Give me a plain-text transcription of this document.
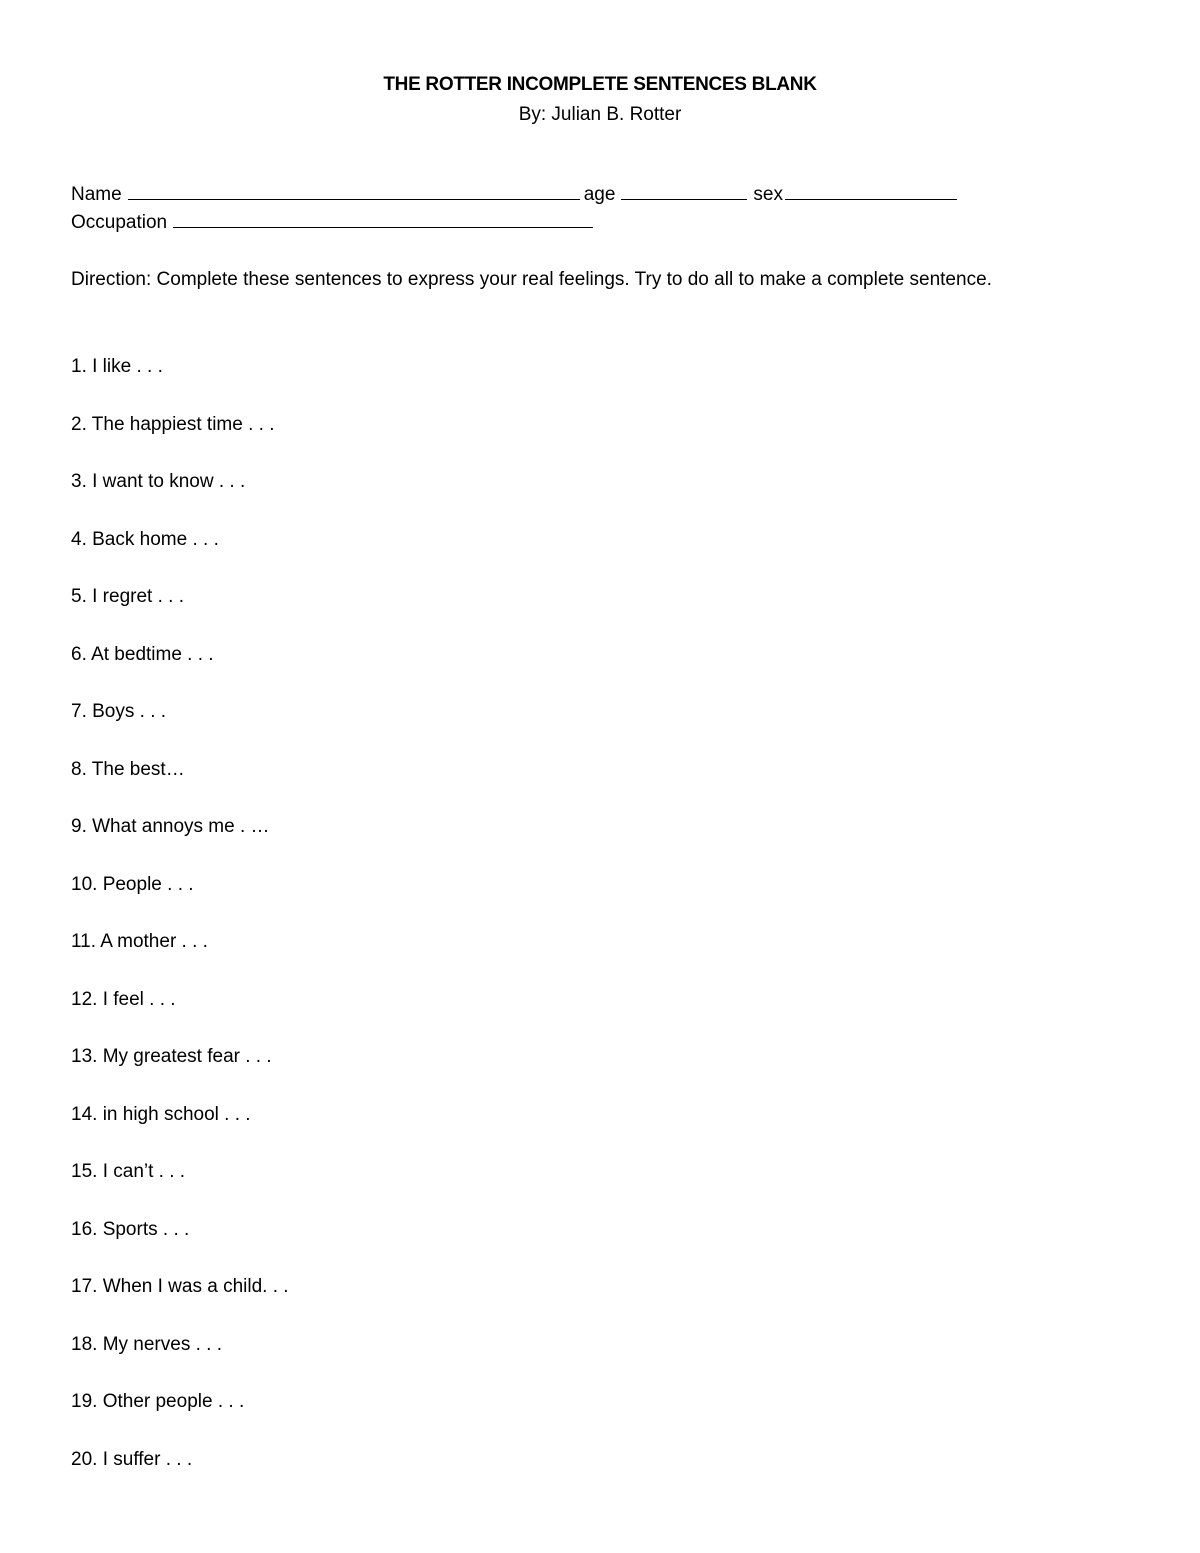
THE ROTTER INCOMPLETE SENTENCES BLANK
By: Julian B. Rotter
Name	age	sex
Occupation
Direction: Complete these sentences to express your real feelings. Try to do all to make a complete sentence.
1. I like . . .
2. The happiest time . . .
3. I want to know . . .
4. Back home . . .
5. I regret . . .
6. At bedtime . . .
7. Boys . . .
8. The best…
9. What annoys me . …
10. People . . .
11. A mother . . .
12. I feel . . .
13. My greatest fear . . .
14. in high school . . .
15. I can’t . . .
16. Sports . . .
17. When I was a child. . .
18. My nerves . . .
19. Other people . . .
20. I suffer . . .
